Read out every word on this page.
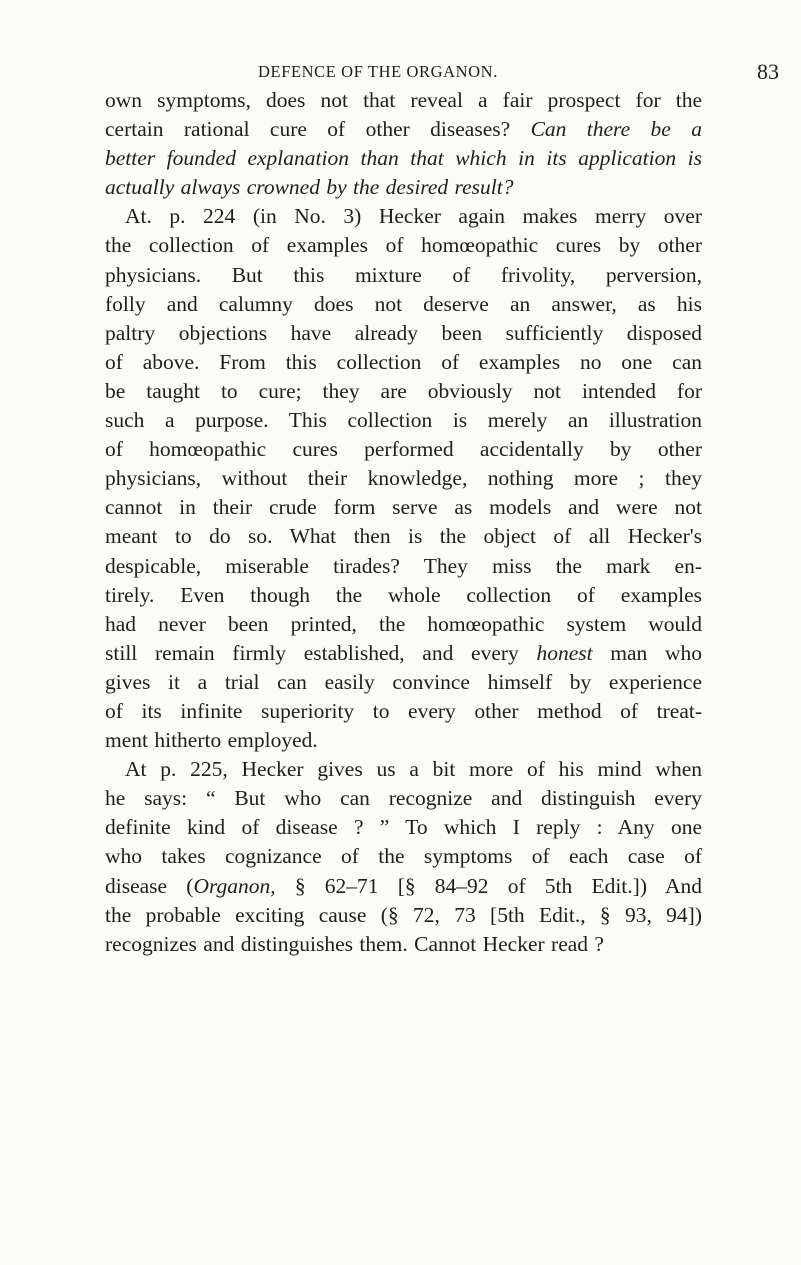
DEFENCE OF THE ORGANON.	83
own symptoms, does not that reveal a fair prospect for the
certain rational cure of other diseases? Can there be a
better founded explanation than that which in its application is
actually always crowned by the desired result?
At. p. 224 (in No. 3) Hecker again makes merry over
the collection of examples of homœopathic cures by other
physicians. But this mixture of frivolity, perversion,
folly and calumny does not deserve an answer, as his
paltry objections have already been sufficiently disposed
of above. From this collection of examples no one can
be taught to cure; they are obviously not intended for
such a purpose. This collection is merely an illustration
of homœopathic cures performed accidentally by other
physicians, without their knowledge, nothing more ; they
cannot in their crude form serve as models and were not
meant to do so. What then is the object of all Hecker's
despicable, miserable tirades? They miss the mark en-
tirely. Even though the whole collection of examples
had never been printed, the homœopathic system would
still remain firmly established, and every honest man who
gives it a trial can easily convince himself by experience
of its infinite superiority to every other method of treat-
ment hitherto employed.
At p. 225, Hecker gives us a bit more of his mind when
he says: “ But who can recognize and distinguish every
definite kind of disease ? ” To which I reply : Any one
who takes cognizance of the symptoms of each case of
disease (Organon, § 62–71 [§ 84–92 of 5th Edit.]) And
the probable exciting cause (§ 72, 73 [5th Edit., § 93, 94])
recognizes and distinguishes them. Cannot Hecker read ?
